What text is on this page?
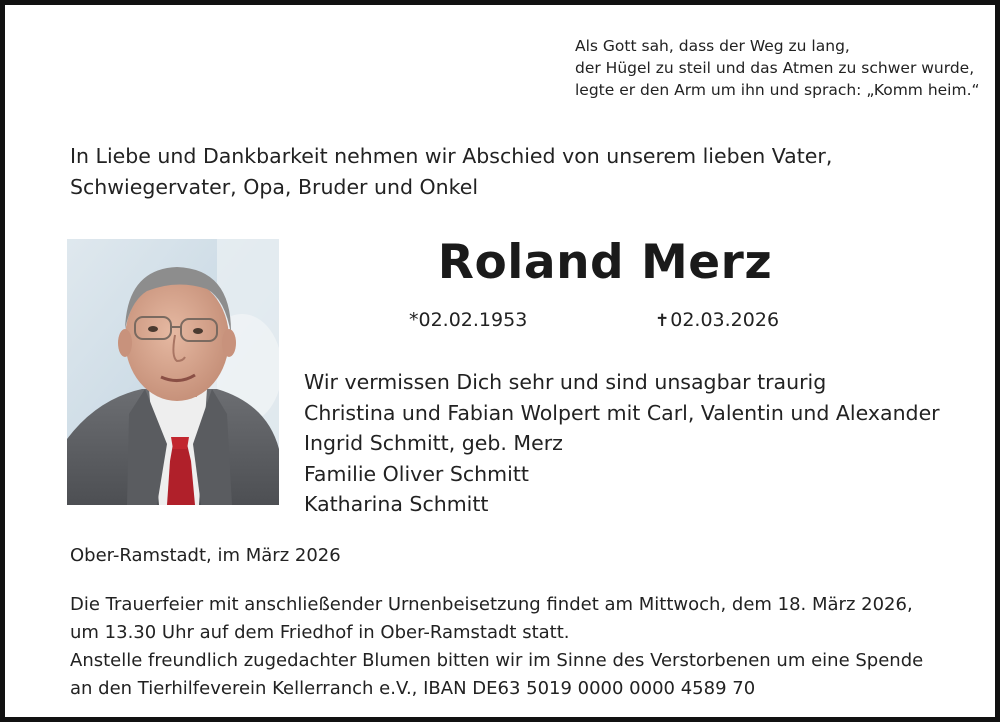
Als Gott sah, dass der Weg zu lang,
der Hügel zu steil und das Atmen zu schwer wurde,
legte er den Arm um ihn und sprach: „Komm heim.“
In Liebe und Dankbarkeit nehmen wir Abschied von unserem lieben Vater,
Schwiegervater, Opa, Bruder und Onkel
Roland Merz
*02.02.1953	✝02.03.2026
Wir vermissen Dich sehr und sind unsagbar traurig
Christina und Fabian Wolpert mit Carl, Valentin und Alexander
Ingrid Schmitt, geb. Merz
Familie Oliver Schmitt
Katharina Schmitt
Ober-Ramstadt, im März 2026
Die Trauerfeier mit anschließender Urnenbeisetzung findet am Mittwoch, dem 18. März 2026,
um 13.30 Uhr auf dem Friedhof in Ober-Ramstadt statt.
Anstelle freundlich zugedachter Blumen bitten wir im Sinne des Verstorbenen um eine Spende
an den Tierhilfeverein Kellerranch e.V., IBAN DE63 5019 0000 0000 4589 70
